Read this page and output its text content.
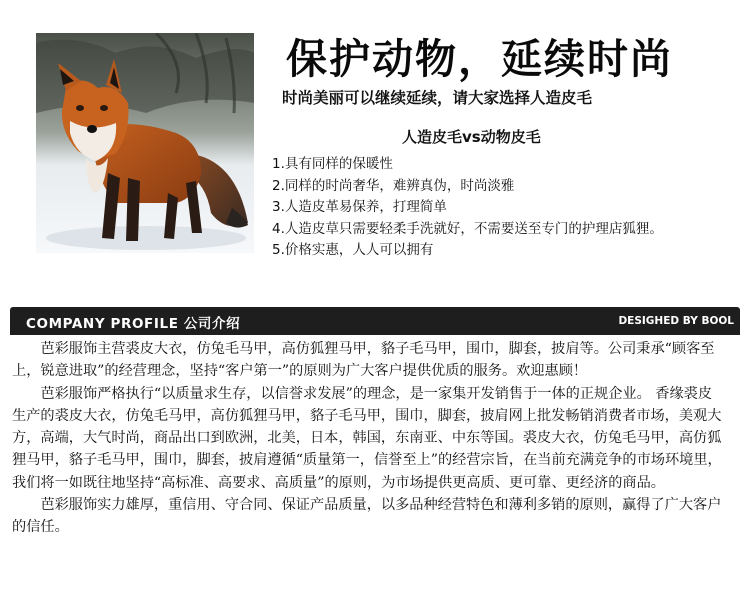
保护动物，延续时尚

时尚美丽可以继续延续，请大家选择人造皮毛

人造皮毛vs动物皮毛
1.具有同样的保暖性
2.同样的时尚奢华，难辨真伪，时尚淡雅
3.人造皮革易保养，打理简单
4.人造皮草只需要轻柔手洗就好，不需要送至专门的护理店狐狸。
5.价格实惠，人人可以拥有
COMPANY PROFILE 公司介绍	DESIGHED BY BOOL

芭彩服饰主营裘皮大衣，仿兔毛马甲，高仿狐狸马甲，貉子毛马甲，围巾，脚套，披肩等。公司秉承“顾客至上，锐意进取”的经营理念，坚持“客户第一”的原则为广大客户提供优质的服务。欢迎惠顾！

芭彩服饰严格执行“以质量求生存，以信誉求发展”的理念，是一家集开发销售于一体的正规企业。 香缘裘皮生产的裘皮大衣，仿兔毛马甲，高仿狐狸马甲，貉子毛马甲，围巾，脚套，披肩网上批发畅销消费者市场，美观大方，高端，大气时尚，商品出口到欧洲，北美，日本，韩国，东南亚、中东等国。裘皮大衣，仿兔毛马甲，高仿狐狸马甲，貉子毛马甲，围巾，脚套，披肩遵循“质量第一，信誉至上”的经营宗旨，在当前充满竞争的市场环境里，我们将一如既往地坚持“高标准、高要求、高质量”的原则，为市场提供更高质、更可靠、更经济的商品。

芭彩服饰实力雄厚，重信用、守合同、保证产品质量，以多品种经营特色和薄利多销的原则，赢得了广大客户的信任。
